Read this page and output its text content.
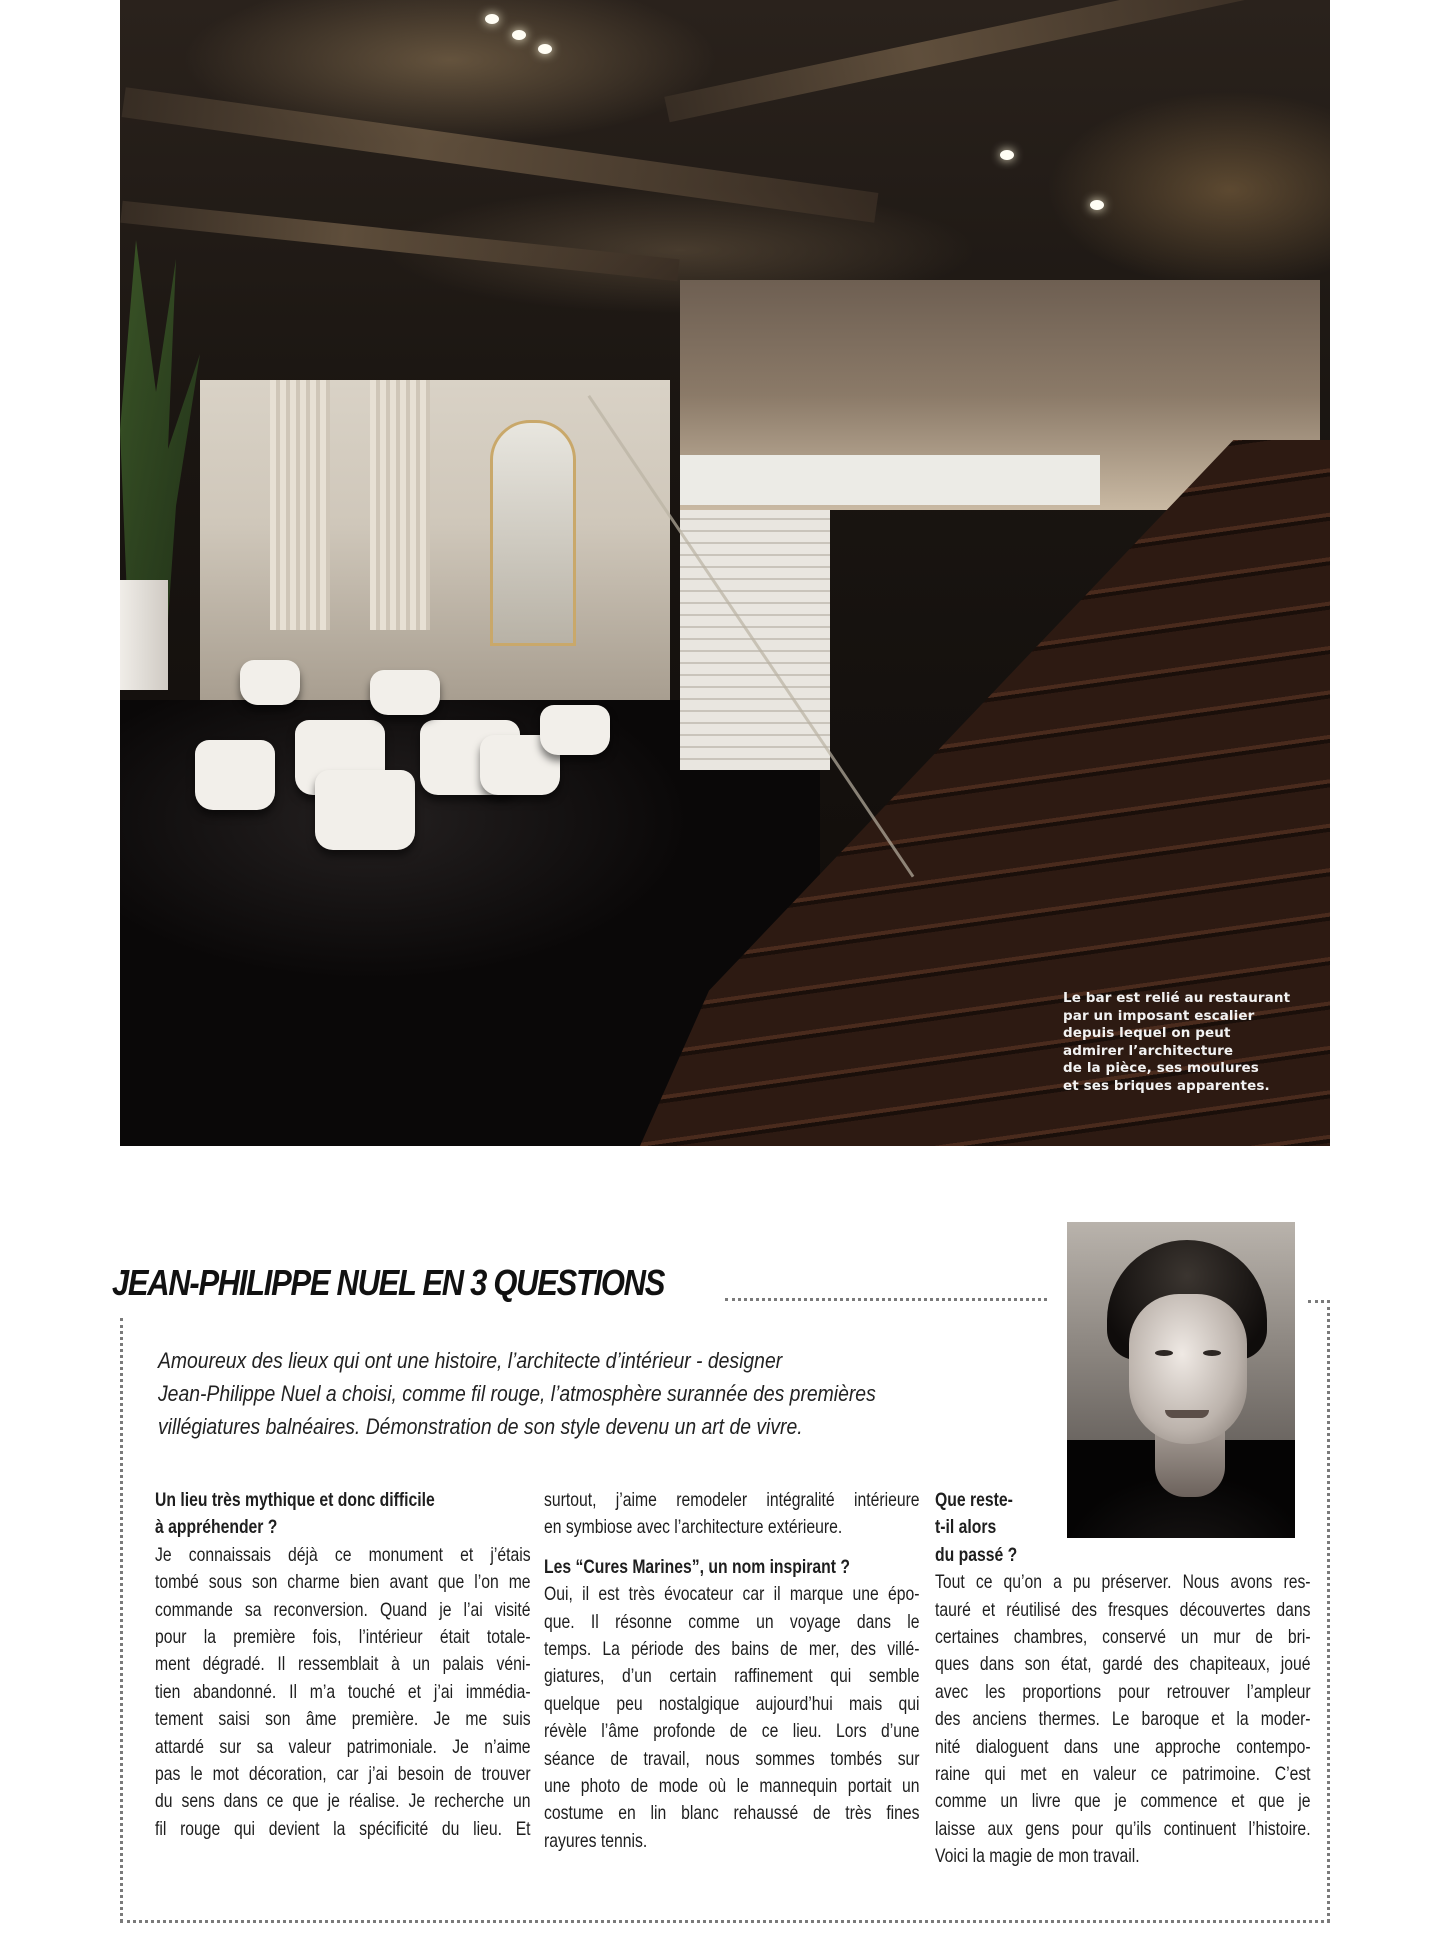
Le bar est relié au restaurant
par un imposant escalier
depuis lequel on peut
admirer l’architecture
de la pièce, ses moulures
et ses briques apparentes.
JEAN-PHILIPPE NUEL EN 3 QUESTIONS
Amoureux des lieux qui ont une histoire, l’architecte d’intérieur - designer
Jean-Philippe Nuel a choisi, comme fil rouge, l’atmosphère surannée des premières
villégiatures balnéaires. Démonstration de son style devenu un art de vivre.
Un lieu très mythique et donc difficile
à appréhender ?
Je connaissais déjà ce monument et j’étais
tombé sous son charme bien avant que l’on me
commande sa reconversion. Quand je l’ai visité
pour la première fois, l’intérieur était totale-
ment dégradé. Il ressemblait à un palais véni-
tien abandonné. Il m’a touché et j’ai immédia-
tement saisi son âme première. Je me suis
attardé sur sa valeur patrimoniale. Je n’aime
pas le mot décoration, car j’ai besoin de trouver
du sens dans ce que je réalise. Je recherche un
fil rouge qui devient la spécificité du lieu. Et
surtout, j’aime remodeler intégralité intérieure
en symbiose avec l’architecture extérieure.
Les “Cures Marines”, un nom inspirant ?
Oui, il est très évocateur car il marque une épo-
que. Il résonne comme un voyage dans le
temps. La période des bains de mer, des villé-
giatures, d’un certain raffinement qui semble
quelque peu nostalgique aujourd’hui mais qui
révèle l’âme profonde de ce lieu. Lors d’une
séance de travail, nous sommes tombés sur
une photo de mode où le mannequin portait un
costume en lin blanc rehaussé de très fines
rayures tennis.
Que reste-
t-il alors
du passé ?
Tout ce qu’on a pu préserver. Nous avons res-
tauré et réutilisé des fresques découvertes dans
certaines chambres, conservé un mur de bri-
ques dans son état, gardé des chapiteaux, joué
avec les proportions pour retrouver l’ampleur
des anciens thermes. Le baroque et la moder-
nité dialoguent dans une approche contempo-
raine qui met en valeur ce patrimoine. C’est
comme un livre que je commence et que je
laisse aux gens pour qu’ils continuent l’histoire.
Voici la magie de mon travail.
